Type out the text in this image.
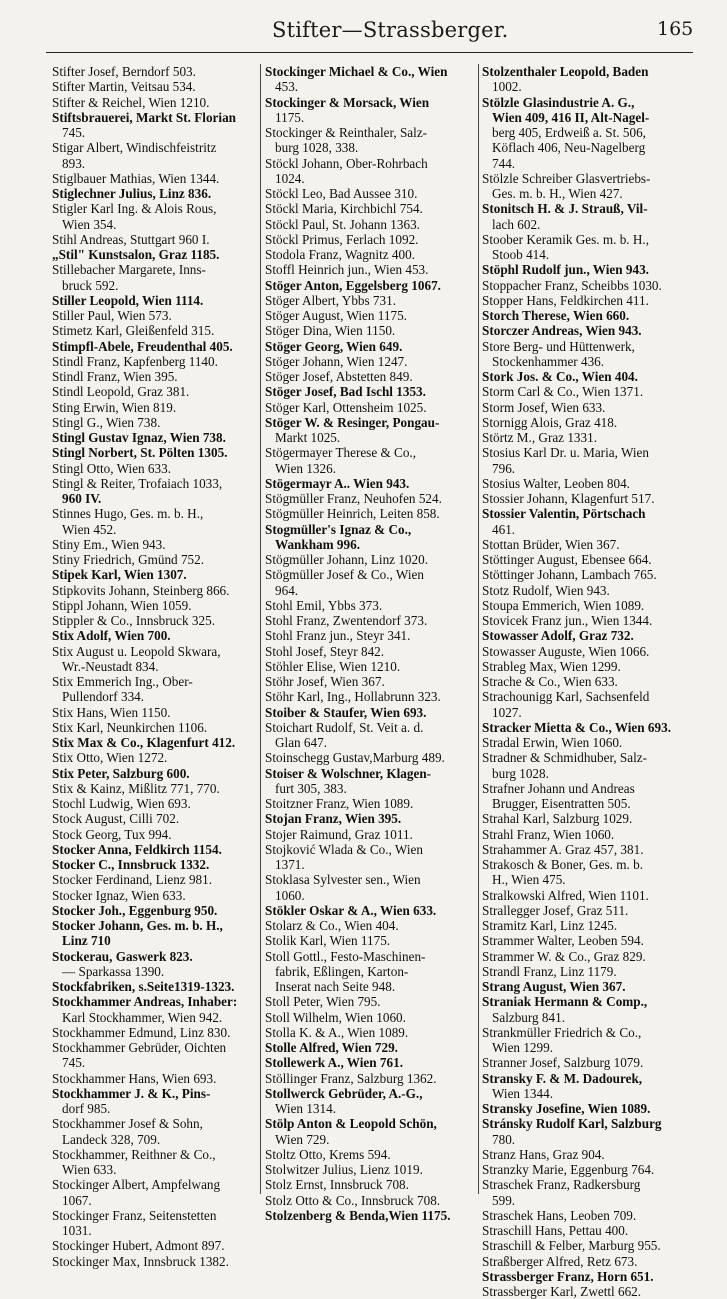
Stifter—Strassberger.	165
Stifter Josef, Berndorf 503.
Stifter Martin, Veitsau 534.
Stifter & Reichel, Wien 1210.
Stiftsbrauerei, Markt St. Florian
745.
Stigar Albert, Windischfeistritz
893.
Stiglbauer Mathias, Wien 1344.
Stiglechner Julius, Linz 836.
Stigler Karl Ing. & Alois Rous,
Wien 354.
Stihl Andreas, Stuttgart 960 I.
„Stil" Kunstsalon, Graz 1185.
Stillebacher Margarete, Inns-
bruck 592.
Stiller Leopold, Wien 1114.
Stiller Paul, Wien 573.
Stimetz Karl, Gleißenfeld 315.
Stimpfl-Abele, Freudenthal 405.
Stindl Franz, Kapfenberg 1140.
Stindl Franz, Wien 395.
Stindl Leopold, Graz 381.
Sting Erwin, Wien 819.
Stingl G., Wien 738.
Stingl Gustav Ignaz, Wien 738.
Stingl Norbert, St. Pölten 1305.
Stingl Otto, Wien 633.
Stingl & Reiter, Trofaiach 1033,
960 IV.
Stinnes Hugo, Ges. m. b. H.,
Wien 452.
Stiny Em., Wien 943.
Stiny Friedrich, Gmünd 752.
Stipek Karl, Wien 1307.
Stipkovits Johann, Steinberg 866.
Stippl Johann, Wien 1059.
Stippler & Co., Innsbruck 325.
Stix Adolf, Wien 700.
Stix August u. Leopold Skwara,
Wr.-Neustadt 834.
Stix Emmerich Ing., Ober-
Pullendorf 334.
Stix Hans, Wien 1150.
Stix Karl, Neunkirchen 1106.
Stix Max & Co., Klagenfurt 412.
Stix Otto, Wien 1272.
Stix Peter, Salzburg 600.
Stix & Kainz, Mißlitz 771, 770.
Stochl Ludwig, Wien 693.
Stock August, Cilli 702.
Stock Georg, Tux 994.
Stocker Anna, Feldkirch 1154.
Stocker C., Innsbruck 1332.
Stocker Ferdinand, Lienz 981.
Stocker Ignaz, Wien 633.
Stocker Joh., Eggenburg 950.
Stocker Johann, Ges. m. b. H.,
Linz 710
Stockerau, Gaswerk 823.
— Sparkassa 1390.
Stockfabriken, s.Seite1319-1323.
Stockhammer Andreas, Inhaber:
Karl Stockhammer, Wien 942.
Stockhammer Edmund, Linz 830.
Stockhammer Gebrüder, Oichten
745.
Stockhammer Hans, Wien 693.
Stockhammer J. & K., Pins-
dorf 985.
Stockhammer Josef & Sohn,
Landeck 328, 709.
Stockhammer, Reithner & Co.,
Wien 633.
Stockinger Albert, Ampfelwang
1067.
Stockinger Franz, Seitenstetten
1031.
Stockinger Hubert, Admont 897.
Stockinger Max, Innsbruck 1382.
Stockinger Michael & Co., Wien
453.
Stockinger & Morsack, Wien
1175.
Stockinger & Reinthaler, Salz-
burg 1028, 338.
Stöckl Johann, Ober-Rohrbach
1024.
Stöckl Leo, Bad Aussee 310.
Stöckl Maria, Kirchbichl 754.
Stöckl Paul, St. Johann 1363.
Stöckl Primus, Ferlach 1092.
Stodola Franz, Wagnitz 400.
Stoffl Heinrich jun., Wien 453.
Stöger Anton, Eggelsberg 1067.
Stöger Albert, Ybbs 731.
Stöger August, Wien 1175.
Stöger Dina, Wien 1150.
Stöger Georg, Wien 649.
Stöger Johann, Wien 1247.
Stöger Josef, Abstetten 849.
Stöger Josef, Bad Ischl 1353.
Stöger Karl, Ottensheim 1025.
Stöger W. & Resinger, Pongau-
Markt 1025.
Stögermayer Therese & Co.,
Wien 1326.
Stögermayr A.. Wien 943.
Stögmüller Franz, Neuhofen 524.
Stögmüller Heinrich, Leiten 858.
Stogmüller's Ignaz & Co.,
Wankham 996.
Stögmüller Johann, Linz 1020.
Stögmüller Josef & Co., Wien
964.
Stohl Emil, Ybbs 373.
Stohl Franz, Zwentendorf 373.
Stohl Franz jun., Steyr 341.
Stohl Josef, Steyr 842.
Stöhler Elise, Wien 1210.
Stöhr Josef, Wien 367.
Stöhr Karl, Ing., Hollabrunn 323.
Stoiber & Staufer, Wien 693.
Stoichart Rudolf, St. Veit a. d.
Glan 647.
Stoinschegg Gustav,Marburg 489.
Stoiser & Wolschner, Klagen-
furt 305, 383.
Stoitzner Franz, Wien 1089.
Stojan Franz, Wien 395.
Stojer Raimund, Graz 1011.
Stojković Wlada & Co., Wien
1371.
Stoklasa Sylvester sen., Wien
1060.
Stökler Oskar & A., Wien 633.
Stolarz & Co., Wien 404.
Stolik Karl, Wien 1175.
Stoll Gottl., Festo-Maschinen-
fabrik, Eßlingen, Karton-
Inserat nach Seite 948.
Stoll Peter, Wien 795.
Stoll Wilhelm, Wien 1060.
Stolla K. & A., Wien 1089.
Stolle Alfred, Wien 729.
Stollewerk A., Wien 761.
Stöllinger Franz, Salzburg 1362.
Stollwerck Gebrüder, A.-G.,
Wien 1314.
Stölp Anton & Leopold Schön,
Wien 729.
Stoltz Otto, Krems 594.
Stolwitzer Julius, Lienz 1019.
Stolz Ernst, Innsbruck 708.
Stolz Otto & Co., Innsbruck 708.
Stolzenberg & Benda,Wien 1175.
Stolzenthaler Leopold, Baden
1002.
Stölzle Glasindustrie A. G.,
Wien 409, 416 II, Alt-Nagel-
berg 405, Erdweiß a. St. 506,
Köflach 406, Neu-Nagelberg
744.
Stölzle Schreiber Glasvertriebs-
Ges. m. b. H., Wien 427.
Stonitsch H. & J. Strauß, Vil-
lach 602.
Stoober Keramik Ges. m. b. H.,
Stoob 414.
Stöphl Rudolf jun., Wien 943.
Stoppacher Franz, Scheibbs 1030.
Stopper Hans, Feldkirchen 411.
Storch Therese, Wien 660.
Storczer Andreas, Wien 943.
Store Berg- und Hüttenwerk,
Stockenhammer 436.
Stork Jos. & Co., Wien 404.
Storm Carl & Co., Wien 1371.
Storm Josef, Wien 633.
Stornigg Alois, Graz 418.
Störtz M., Graz 1331.
Stosius Karl Dr. u. Maria, Wien
796.
Stosius Walter, Leoben 804.
Stossier Johann, Klagenfurt 517.
Stossier Valentin, Pörtschach
461.
Stottan Brüder, Wien 367.
Stöttinger August, Ebensee 664.
Stöttinger Johann, Lambach 765.
Stotz Rudolf, Wien 943.
Stoupa Emmerich, Wien 1089.
Stovicek Franz jun., Wien 1344.
Stowasser Adolf, Graz 732.
Stowasser Auguste, Wien 1066.
Strableg Max, Wien 1299.
Strache & Co., Wien 633.
Strachounigg Karl, Sachsenfeld
1027.
Stracker Mietta & Co., Wien 693.
Stradal Erwin, Wien 1060.
Stradner & Schmidhuber, Salz-
burg 1028.
Strafner Johann und Andreas
Brugger, Eisentratten 505.
Strahal Karl, Salzburg 1029.
Strahl Franz, Wien 1060.
Strahammer A. Graz 457, 381.
Strakosch & Boner, Ges. m. b.
H., Wien 475.
Stralkowski Alfred, Wien 1101.
Strallegger Josef, Graz 511.
Stramitz Karl, Linz 1245.
Strammer Walter, Leoben 594.
Strammer W. & Co., Graz 829.
Strandl Franz, Linz 1179.
Strang August, Wien 367.
Straniak Hermann & Comp.,
Salzburg 841.
Strankmüller Friedrich & Co.,
Wien 1299.
Stranner Josef, Salzburg 1079.
Stransky F. & M. Dadourek,
Wien 1344.
Stransky Josefine, Wien 1089.
Stránsky Rudolf Karl, Salzburg
780.
Stranz Hans, Graz 904.
Stranzky Marie, Eggenburg 764.
Straschek Franz, Radkersburg
599.
Straschek Hans, Leoben 709.
Straschill Hans, Pettau 400.
Straschill & Felber, Marburg 955.
Straßberger Alfred, Retz 673.
Strassberger Franz, Horn 651.
Strassberger Karl, Zwettl 662.
